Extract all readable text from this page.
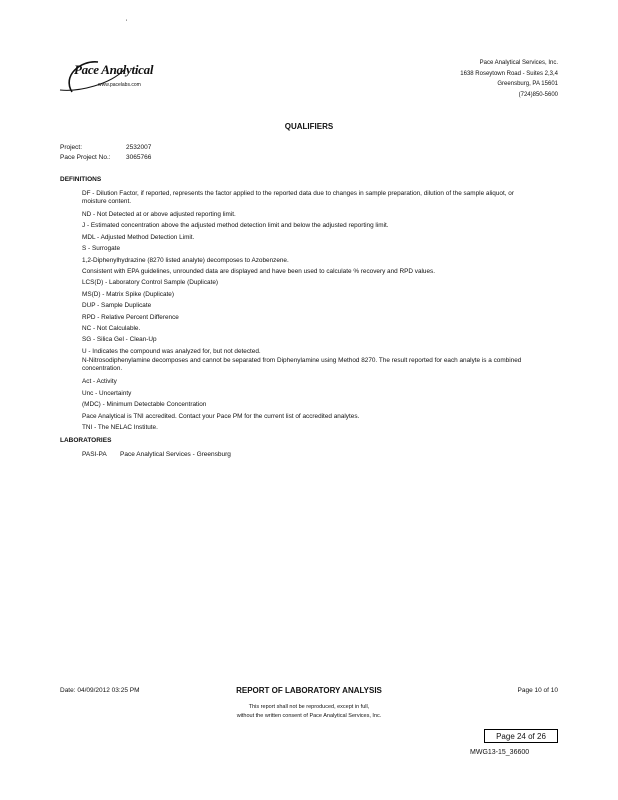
'
Pace Analytical
www.pacelabs.com
Pace Analytical Services, Inc.
1638 Roseytown Road - Suites 2,3,4
Greensburg, PA 15601
(724)850-5600
QUALIFIERS
Project:	2532007
Pace Project No.: 3065766
DEFINITIONS
DF - Dilution Factor, if reported, represents the factor applied to the reported data due to changes in sample preparation, dilution of the sample aliquot, or moisture content.
ND - Not Detected at or above adjusted reporting limit.
J - Estimated concentration above the adjusted method detection limit and below the adjusted reporting limit.
MDL - Adjusted Method Detection Limit.
S - Surrogate
1,2-Diphenylhydrazine (8270 listed analyte) decomposes to Azobenzene.
Consistent with EPA guidelines, unrounded data are displayed and have been used to calculate % recovery and RPD values.
LCS(D) - Laboratory Control Sample (Duplicate)
MS(D) - Matrix Spike (Duplicate)
DUP - Sample Duplicate
RPD - Relative Percent Difference
NC - Not Calculable.
SG - Silica Gel - Clean-Up
U - Indicates the compound was analyzed for, but not detected.
N-Nitrosodiphenylamine decomposes and cannot be separated from Diphenylamine using Method 8270. The result reported for each analyte is a combined concentration.
Act - Activity
Unc - Uncertainty
(MDC) - Minimum Detectable Concentration
Pace Analytical is TNI accredited. Contact your Pace PM for the current list of accredited analytes.
TNI - The NELAC Institute.
LABORATORIES
PASI-PA Pace Analytical Services - Greensburg
Date: 04/09/2012 03:25 PM	REPORT OF LABORATORY ANALYSIS	Page 10 of 10
This report shall not be reproduced, except in full,
without the written consent of Pace Analytical Services, Inc.
Page 24 of 26
MWG13-15_36600
